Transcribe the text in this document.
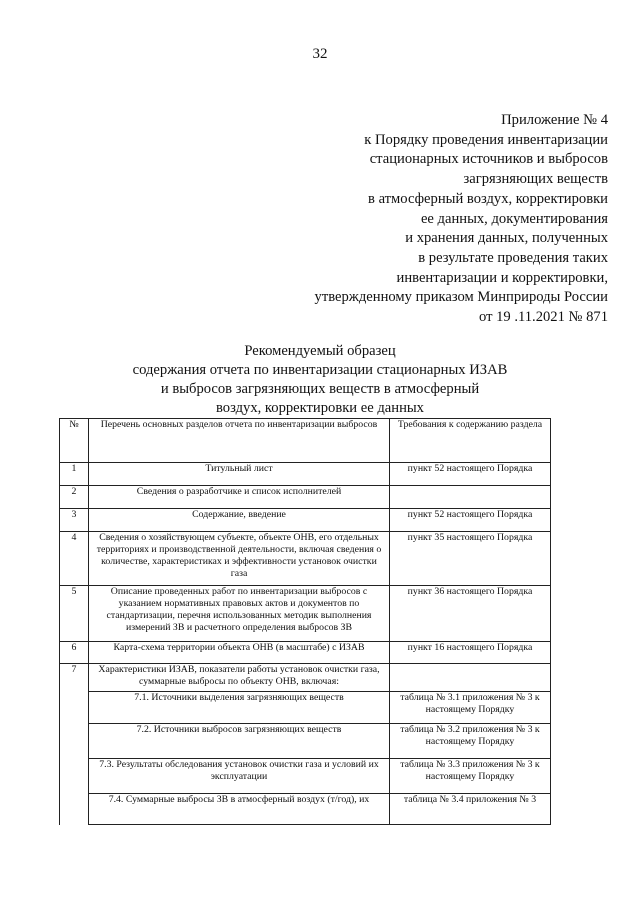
32
Приложение № 4
к Порядку проведения инвентаризации
стационарных источников и выбросов
загрязняющих веществ
в атмосферный воздух, корректировки
ее данных, документирования
и хранения данных, полученных
в результате проведения таких
инвентаризации и корректировки,
утвержденному приказом Минприроды России
от 19 .11.2021 № 871
Рекомендуемый образец
содержания отчета по инвентаризации стационарных ИЗАВ
и выбросов загрязняющих веществ в атмосферный
воздух, корректировки ее данных
№	Перечень основных разделов отчета по инвентаризации выбросов	Требования к содержанию раздела
1	Титульный лист	пункт 52 настоящего Порядка
2	Сведения о разработчике и список исполнителей	
3	Содержание, введение	пункт 52 настоящего Порядка
4	Сведения о хозяйствующем субъекте, объекте ОНВ, его отдельных территориях и производственной деятельности, включая сведения о количестве, характеристиках и эффективности установок очистки газа	пункт 35 настоящего Порядка
5	Описание проведенных работ по инвентаризации выбросов с указанием нормативных правовых актов и документов по стандартизации, перечня использованных методик выполнения измерений ЗВ и расчетного определения выбросов ЗВ	пункт 36 настоящего Порядка
6	Карта-схема территории объекта ОНВ (в масштабе) с ИЗАВ	пункт 16 настоящего Порядка
7	Характеристики ИЗАВ, показатели работы установок очистки газа, суммарные выбросы по объекту ОНВ, включая:	
	7.1. Источники выделения загрязняющих веществ	таблица № 3.1 приложения № 3 к настоящему Порядку
	7.2. Источники выбросов загрязняющих веществ	таблица № 3.2 приложения № 3 к настоящему Порядку
	7.3. Результаты обследования установок очистки газа и условий их эксплуатации	таблица № 3.3 приложения № 3 к настоящему Порядку
	7.4. Суммарные выбросы ЗВ в атмосферный воздух (т/год), их	таблица № 3.4 приложения № 3
